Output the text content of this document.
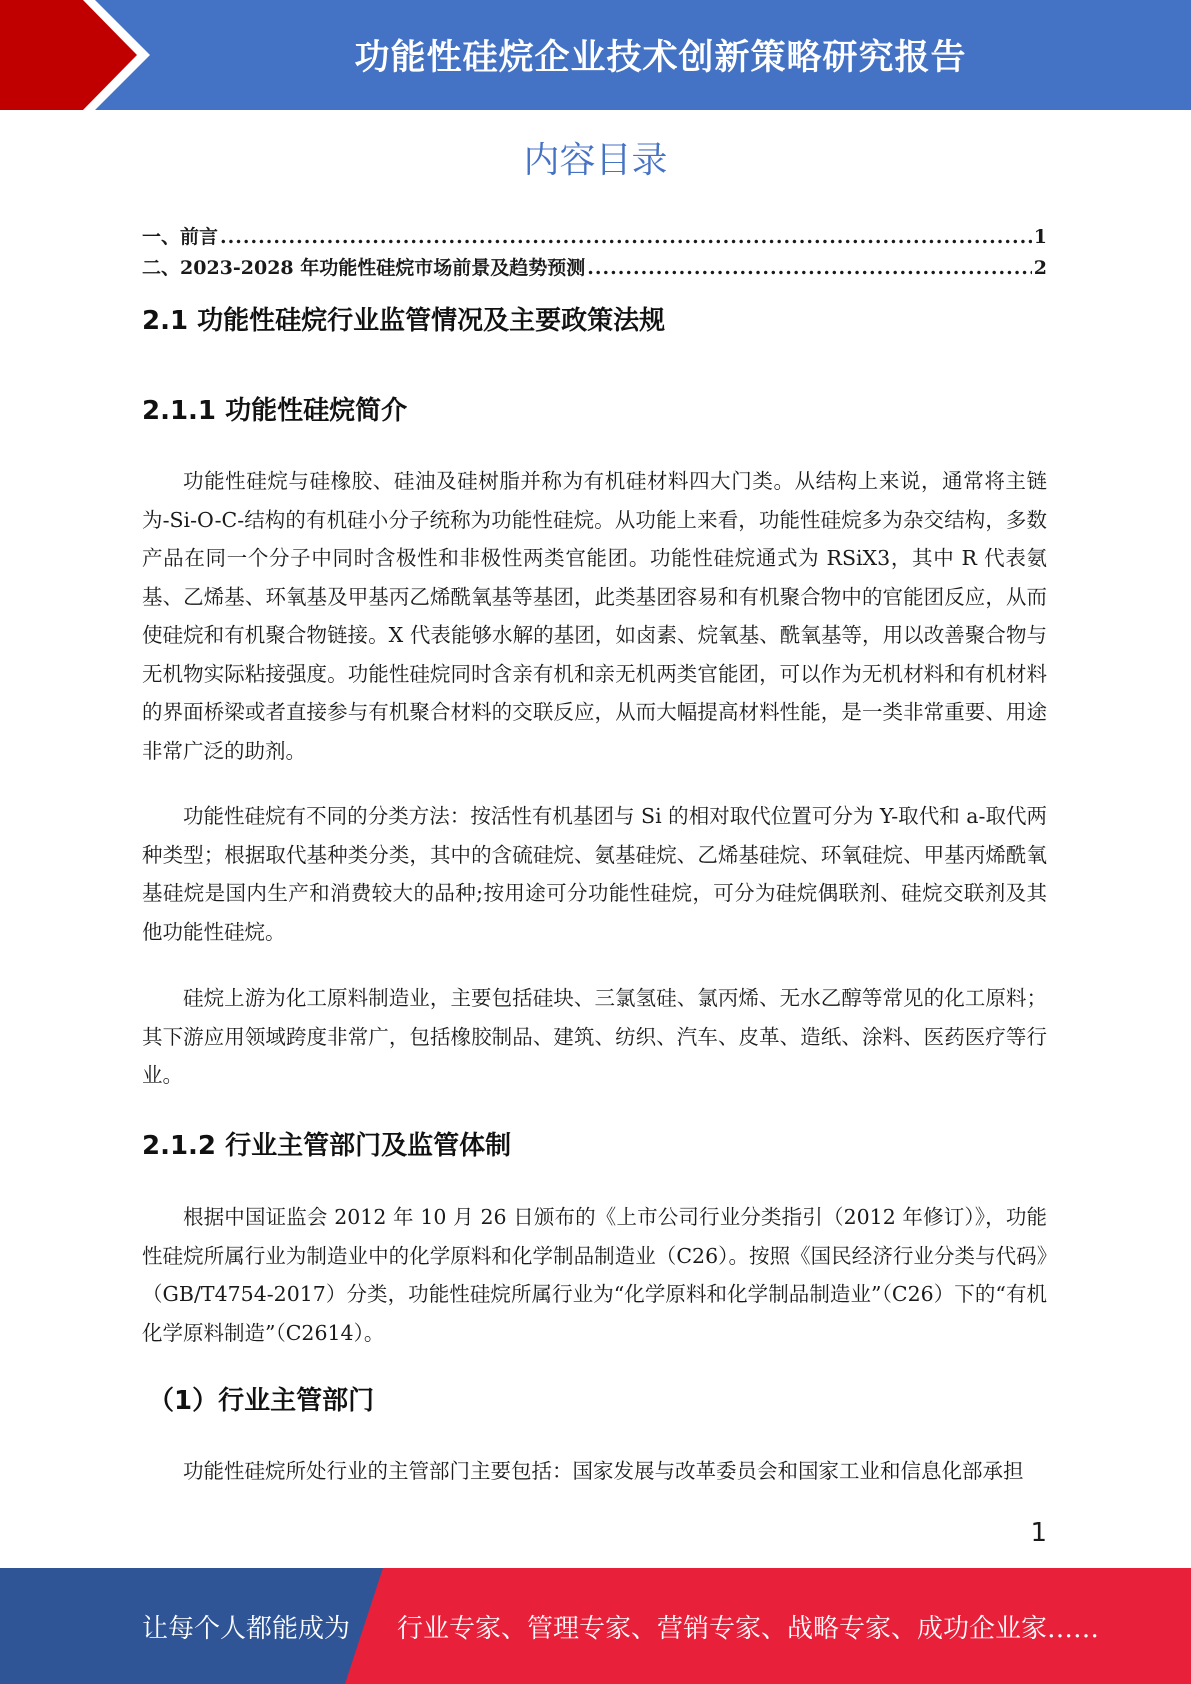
功能性硅烷企业技术创新策略研究报告
内容目录
一、前言 .....	1
二、2023-2028 年功能性硅烷市场前景及趋势预测 .....	2
2.1 功能性硅烷行业监管情况及主要政策法规
2.1.1 功能性硅烷简介

功能性硅烷与硅橡胶、硅油及硅树脂并称为有机硅材料四大门类。从结构上来说，通常将主链为-Si-O-C-结构的有机硅小分子统称为功能性硅烷。从功能上来看，功能性硅烷多为杂交结构，多数产品在同一个分子中同时含极性和非极性两类官能团。功能性硅烷通式为 RSiX3，其中 R 代表氨基、乙烯基、环氧基及甲基丙乙烯酰氧基等基团，此类基团容易和有机聚合物中的官能团反应，从而使硅烷和有机聚合物链接。X 代表能够水解的基团，如卤素、烷氧基、酰氧基等，用以改善聚合物与无机物实际粘接强度。功能性硅烷同时含亲有机和亲无机两类官能团，可以作为无机材料和有机材料的界面桥梁或者直接参与有机聚合材料的交联反应，从而大幅提高材料性能，是一类非常重要、用途非常广泛的助剂。

功能性硅烷有不同的分类方法：按活性有机基团与 Si 的相对取代位置可分为 Y-取代和 a-取代两种类型；根据取代基种类分类，其中的含硫硅烷、氨基硅烷、乙烯基硅烷、环氧硅烷、甲基丙烯酰氧基硅烷是国内生产和消费较大的品种;按用途可分功能性硅烷，可分为硅烷偶联剂、硅烷交联剂及其他功能性硅烷。

硅烷上游为化工原料制造业，主要包括硅块、三氯氢硅、氯丙烯、无水乙醇等常见的化工原料；其下游应用领域跨度非常广，包括橡胶制品、建筑、纺织、汽车、皮革、造纸、涂料、医药医疗等行业。

2.1.2 行业主管部门及监管体制

根据中国证监会 2012 年 10 月 26 日颁布的《上市公司行业分类指引（2012 年修订）》，功能性硅烷所属行业为制造业中的化学原料和化学制品制造业（C26）。按照《国民经济行业分类与代码》（GB/T4754-2017）分类，功能性硅烷所属行业为“化学原料和化学制品制造业”（C26）下的“有机化学原料制造”（C2614）。

（1）行业主管部门

功能性硅烷所处行业的主管部门主要包括：国家发展与改革委员会和国家工业和信息化部承担

1
让每个人都能成为 行业专家、管理专家、营销专家、战略专家、成功企业家……
